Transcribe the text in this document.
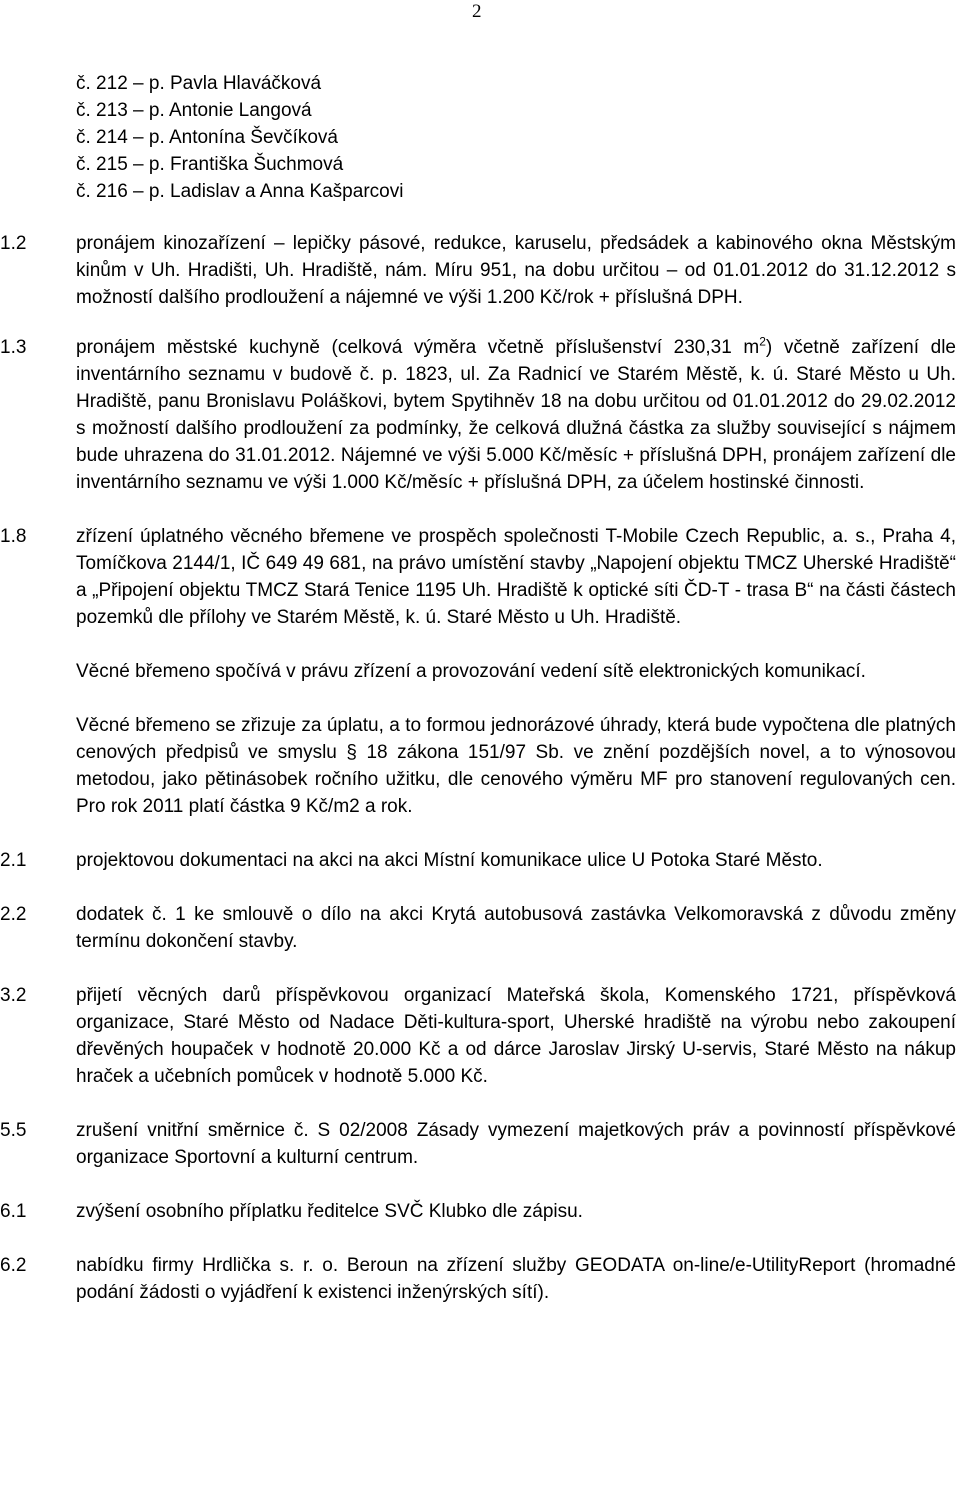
2
č. 212 – p. Pavla Hlaváčková
č. 213 – p. Antonie Langová
č. 214 – p. Antonína Ševčíková
č. 215 – p. Františka Šuchmová
č. 216 – p. Ladislav a Anna Kašparcovi
1.2	pronájem kinozařízení – lepičky pásové, redukce, karuselu, předsádek a kabinového okna Městským kinům v Uh. Hradišti, Uh. Hradiště, nám. Míru 951, na dobu určitou – od 01.01.2012 do 31.12.2012 s možností dalšího prodloužení a nájemné ve výši 1.200 Kč/rok + příslušná DPH.
1.3	pronájem městské kuchyně (celková výměra včetně příslušenství 230,31 $m^2$) včetně zařízení dle inventárního seznamu v budově č. p. 1823, ul. Za Radnicí ve Starém Městě, k. ú. Staré Město u Uh. Hradiště, panu Bronislavu Poláškovi, bytem Spytihněv 18 na dobu určitou od 01.01.2012 do 29.02.2012 s možností dalšího prodloužení za podmínky, že celková dlužná částka za služby související s nájmem bude uhrazena do 31.01.2012. Nájemné ve výši 5.000 Kč/měsíc + příslušná DPH, pronájem zařízení dle inventárního seznamu ve výši 1.000 Kč/měsíc + příslušná DPH, za účelem hostinské činnosti.
1.8	zřízení úplatného věcného břemene ve prospěch společnosti T-Mobile Czech Republic, a. s., Praha 4, Tomíčkova 2144/1, IČ 649 49 681, na právo umístění stavby „Napojení objektu TMCZ Uherské Hradiště“ a „Připojení objektu TMCZ Stará Tenice 1195 Uh. Hradiště k optické síti ČD-T - trasa B“ na části částech pozemků dle přílohy ve Starém Městě, k. ú. Staré Město u Uh. Hradiště.
Věcné břemeno spočívá v právu zřízení a provozování vedení sítě elektronických komunikací.
Věcné břemeno se zřizuje za úplatu, a to formou jednorázové úhrady, která bude vypočtena dle platných cenových předpisů ve smyslu § 18 zákona 151/97 Sb. ve znění pozdějších novel, a to výnosovou metodou, jako pětinásobek ročního užitku, dle cenového výměru MF pro stanovení regulovaných cen. Pro rok 2011 platí částka 9 Kč/m2 a rok.
2.1	projektovou dokumentaci na akci na akci Místní komunikace ulice U Potoka Staré Město.
2.2	dodatek č. 1 ke smlouvě o dílo na akci Krytá autobusová zastávka Velkomoravská z důvodu změny termínu dokončení stavby.
3.2	přijetí věcných darů příspěvkovou organizací Mateřská škola, Komenského 1721, příspěvková organizace, Staré Město od Nadace Děti-kultura-sport, Uherské hradiště na výrobu nebo zakoupení dřevěných houpaček v hodnotě 20.000 Kč a od dárce Jaroslav Jirský U-servis, Staré Město na nákup hraček a učebních pomůcek v hodnotě 5.000 Kč.
5.5	zrušení vnitřní směrnice č. S 02/2008 Zásady vymezení majetkových práv a povinností příspěvkové organizace Sportovní a kulturní centrum.
6.1	zvýšení osobního příplatku ředitelce SVČ Klubko dle zápisu.
6.2	nabídku firmy Hrdlička s. r. o. Beroun na zřízení služby GEODATA on-line/e-UtilityReport (hromadné podání žádosti o vyjádření k existenci inženýrských sítí).
